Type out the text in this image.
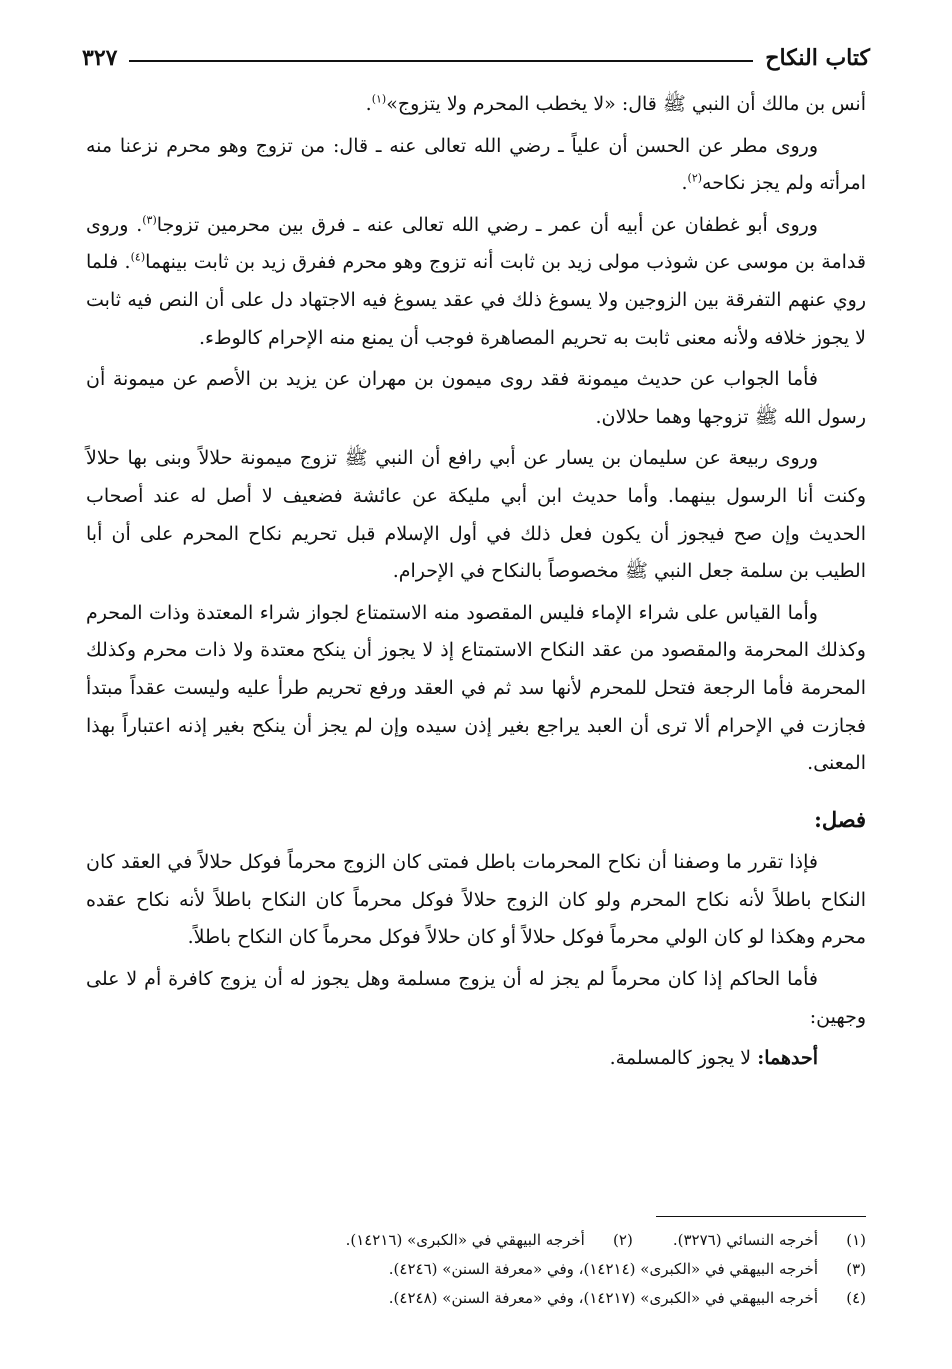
كتاب النكاح
٣٢٧

أنس بن مالك أن النبي ﷺ قال: «لا يخطب المحرم ولا يتزوج»$^{(١)}$.

وروى مطر عن الحسن أن علياً ـ رضي الله تعالى عنه ـ قال: من تزوج وهو محرم نزعنا منه امرأته ولم يجز نكاحه$^{(٢)}$.

وروى أبو غطفان عن أبيه أن عمر ـ رضي الله تعالى عنه ـ فرق بين محرمين تزوجا$^{(٣)}$. وروى قدامة بن موسى عن شوذب مولى زيد بن ثابت أنه تزوج وهو محرم ففرق زيد بن ثابت بينهما$^{(٤)}$. فلما روي عنهم التفرقة بين الزوجين ولا يسوغ ذلك في عقد يسوغ فيه الاجتهاد دل على أن النص فيه ثابت لا يجوز خلافه ولأنه معنى ثابت به تحريم المصاهرة فوجب أن يمنع منه الإحرام كالوطء.

فأما الجواب عن حديث ميمونة فقد روى ميمون بن مهران عن يزيد بن الأصم عن ميمونة أن رسول الله ﷺ تزوجها وهما حلالان.

وروى ربيعة عن سليمان بن يسار عن أبي رافع أن النبي ﷺ تزوج ميمونة حلالاً وبنى بها حلالاً وكنت أنا الرسول بينهما. وأما حديث ابن أبي مليكة عن عائشة فضعيف لا أصل له عند أصحاب الحديث وإن صح فيجوز أن يكون فعل ذلك في أول الإسلام قبل تحريم نكاح المحرم على أن أبا الطيب بن سلمة جعل النبي ﷺ مخصوصاً بالنكاح في الإحرام.

وأما القياس على شراء الإماء فليس المقصود منه الاستمتاع لجواز شراء المعتدة وذات المحرم وكذلك المحرمة والمقصود من عقد النكاح الاستمتاع إذ لا يجوز أن ينكح معتدة ولا ذات محرم وكذلك المحرمة فأما الرجعة فتحل للمحرم لأنها سد ثم في العقد ورفع تحريم طرأ عليه وليست عقداً مبتدأ فجازت في الإحرام ألا ترى أن العبد يراجع بغير إذن سيده وإن لم يجز أن ينكح بغير إذنه اعتباراً بهذا المعنى.

فصل:

فإذا تقرر ما وصفنا أن نكاح المحرمات باطل فمتى كان الزوج محرماً فوكل حلالاً في العقد كان النكاح باطلاً لأنه نكاح المحرم ولو كان الزوج حلالاً فوكل محرماً كان النكاح باطلاً لأنه نكاح عقده محرم وهكذا لو كان الولي محرماً فوكل حلالاً أو كان حلالاً فوكل محرماً كان النكاح باطلاً.

فأما الحاكم إذا كان محرماً لم يجز له أن يزوج مسلمة وهل يجوز له أن يزوج كافرة أم لا على وجهين:

أحدهما: لا يجوز كالمسلمة.

(١)
أخرجه النسائي (٣٢٧٦).
(٢)
أخرجه البيهقي في «الكبرى» (١٤٢١٦).
(٣)
أخرجه البيهقي في «الكبرى» (١٤٢١٤)، وفي «معرفة السنن» (٤٢٤٦).
(٤)
أخرجه البيهقي في «الكبرى» (١٤٢١٧)، وفي «معرفة السنن» (٤٢٤٨).
